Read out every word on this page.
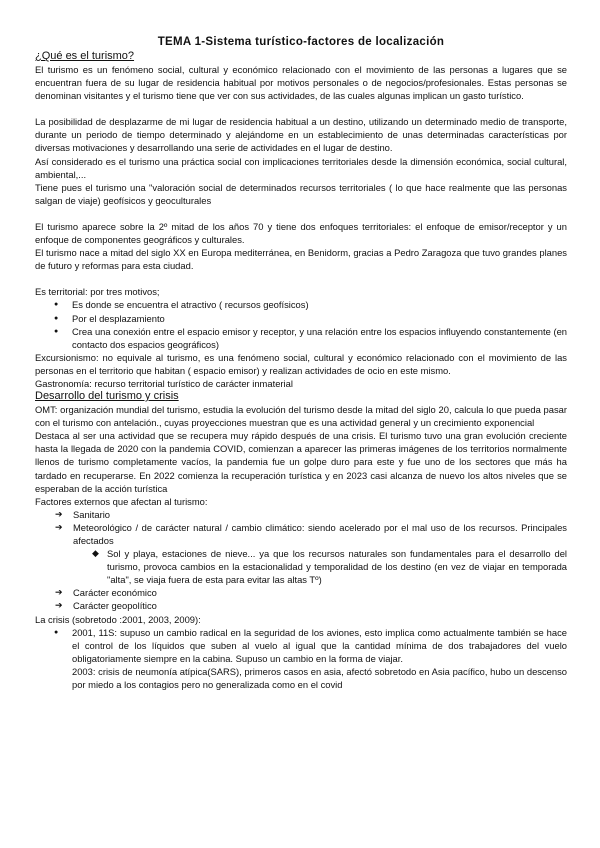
TEMA 1-Sistema turístico-factores de localización
¿Qué es el turismo?

El turismo es un fenómeno social, cultural y económico relacionado con el movimiento de las personas a lugares que se encuentran fuera de su lugar de residencia habitual por motivos personales o de negocios/profesionales. Estas personas se denominan visitantes y el turismo tiene que ver con sus actividades, de las cuales algunas implican un gasto turístico.

La posibilidad de desplazarme de mi lugar de residencia habitual a un destino, utilizando un determinado medio de transporte, durante un periodo de tiempo determinado y alejándome en un establecimiento de unas determinadas características por diversas motivaciones y desarrollando una serie de actividades en el lugar de destino.

Así considerado es el turismo una práctica social con implicaciones territoriales desde la dimensión económica, social cultural, ambiental,...

Tiene pues el turismo una "valoración social de determinados recursos territoriales ( lo que hace realmente que las personas salgan de viaje) geofísicos y geoculturales

El turismo aparece sobre la 2º mitad de los años 70 y tiene dos enfoques territoriales: el enfoque de emisor/receptor y un enfoque de componentes geográficos y culturales.

El turismo nace a mitad del siglo XX en Europa mediterránea, en Benidorm, gracias a Pedro Zaragoza que tuvo grandes planes de futuro y reformas para esta ciudad.

Es territorial: por tres motivos;

● Es donde se encuentra el atractivo ( recursos geofísicos)
● Por el desplazamiento
● Crea una conexión entre el espacio emisor y receptor, y una relación entre los espacios influyendo constantemente (en contacto dos espacios geográficos)

Excursionismo: no equivale al turismo, es una fenómeno social, cultural y económico relacionado con el movimiento de las personas en el territorio que habitan ( espacio emisor) y realizan actividades de ocio en este mismo.

Gastronomía: recurso territorial turístico de carácter inmaterial

Desarrollo del turismo y crisis

OMT: organización mundial del turismo, estudia la evolución del turismo desde la mitad del siglo 20, calcula lo que pueda pasar con el turismo con antelación., cuyas proyecciones muestran que es una actividad general y un crecimiento exponencial

Destaca al ser una actividad que se recupera muy rápido después de una crisis. El turismo tuvo una gran evolución creciente hasta la llegada de 2020 con la pandemia COVID, comienzan a aparecer las primeras imágenes de los territorios normalmente llenos de turismo completamente vacíos, la pandemia fue un golpe duro para este y fue uno de los sectores que más ha tardado en recuperarse. En 2022 comienza la recuperación turística y en 2023 casi alcanza de nuevo los altos niveles que se esperaban de la acción turística

Factores externos que afectan al turismo:

➔ Sanitario
➔ Meteorológico / de carácter natural / cambio climático: siendo acelerado por el mal uso de los recursos. Principales afectados
◆ Sol y playa, estaciones de nieve... ya que los recursos naturales son fundamentales para el desarrollo del turismo, provoca cambios en la estacionalidad y temporalidad de los destino (en vez de viajar en temporada "alta", se viaja fuera de esta para evitar las altas Tº)
➔ Carácter económico
➔ Carácter geopolítico

La crisis (sobretodo :2001, 2003, 2009):

● 2001, 11S: supuso un cambio radical en la seguridad de los aviones, esto implica como actualmente también se hace el control de los líquidos que suben al vuelo al igual que la cantidad mínima de dos trabajadores del vuelo obligatoriamente siempre en la cabina. Supuso un cambio en la forma de viajar.
2003: crisis de neumonía atípica(SARS), primeros casos en asia, afectó sobretodo en Asia pacífico, hubo un descenso por miedo a los contagios pero no generalizada como en el covid
